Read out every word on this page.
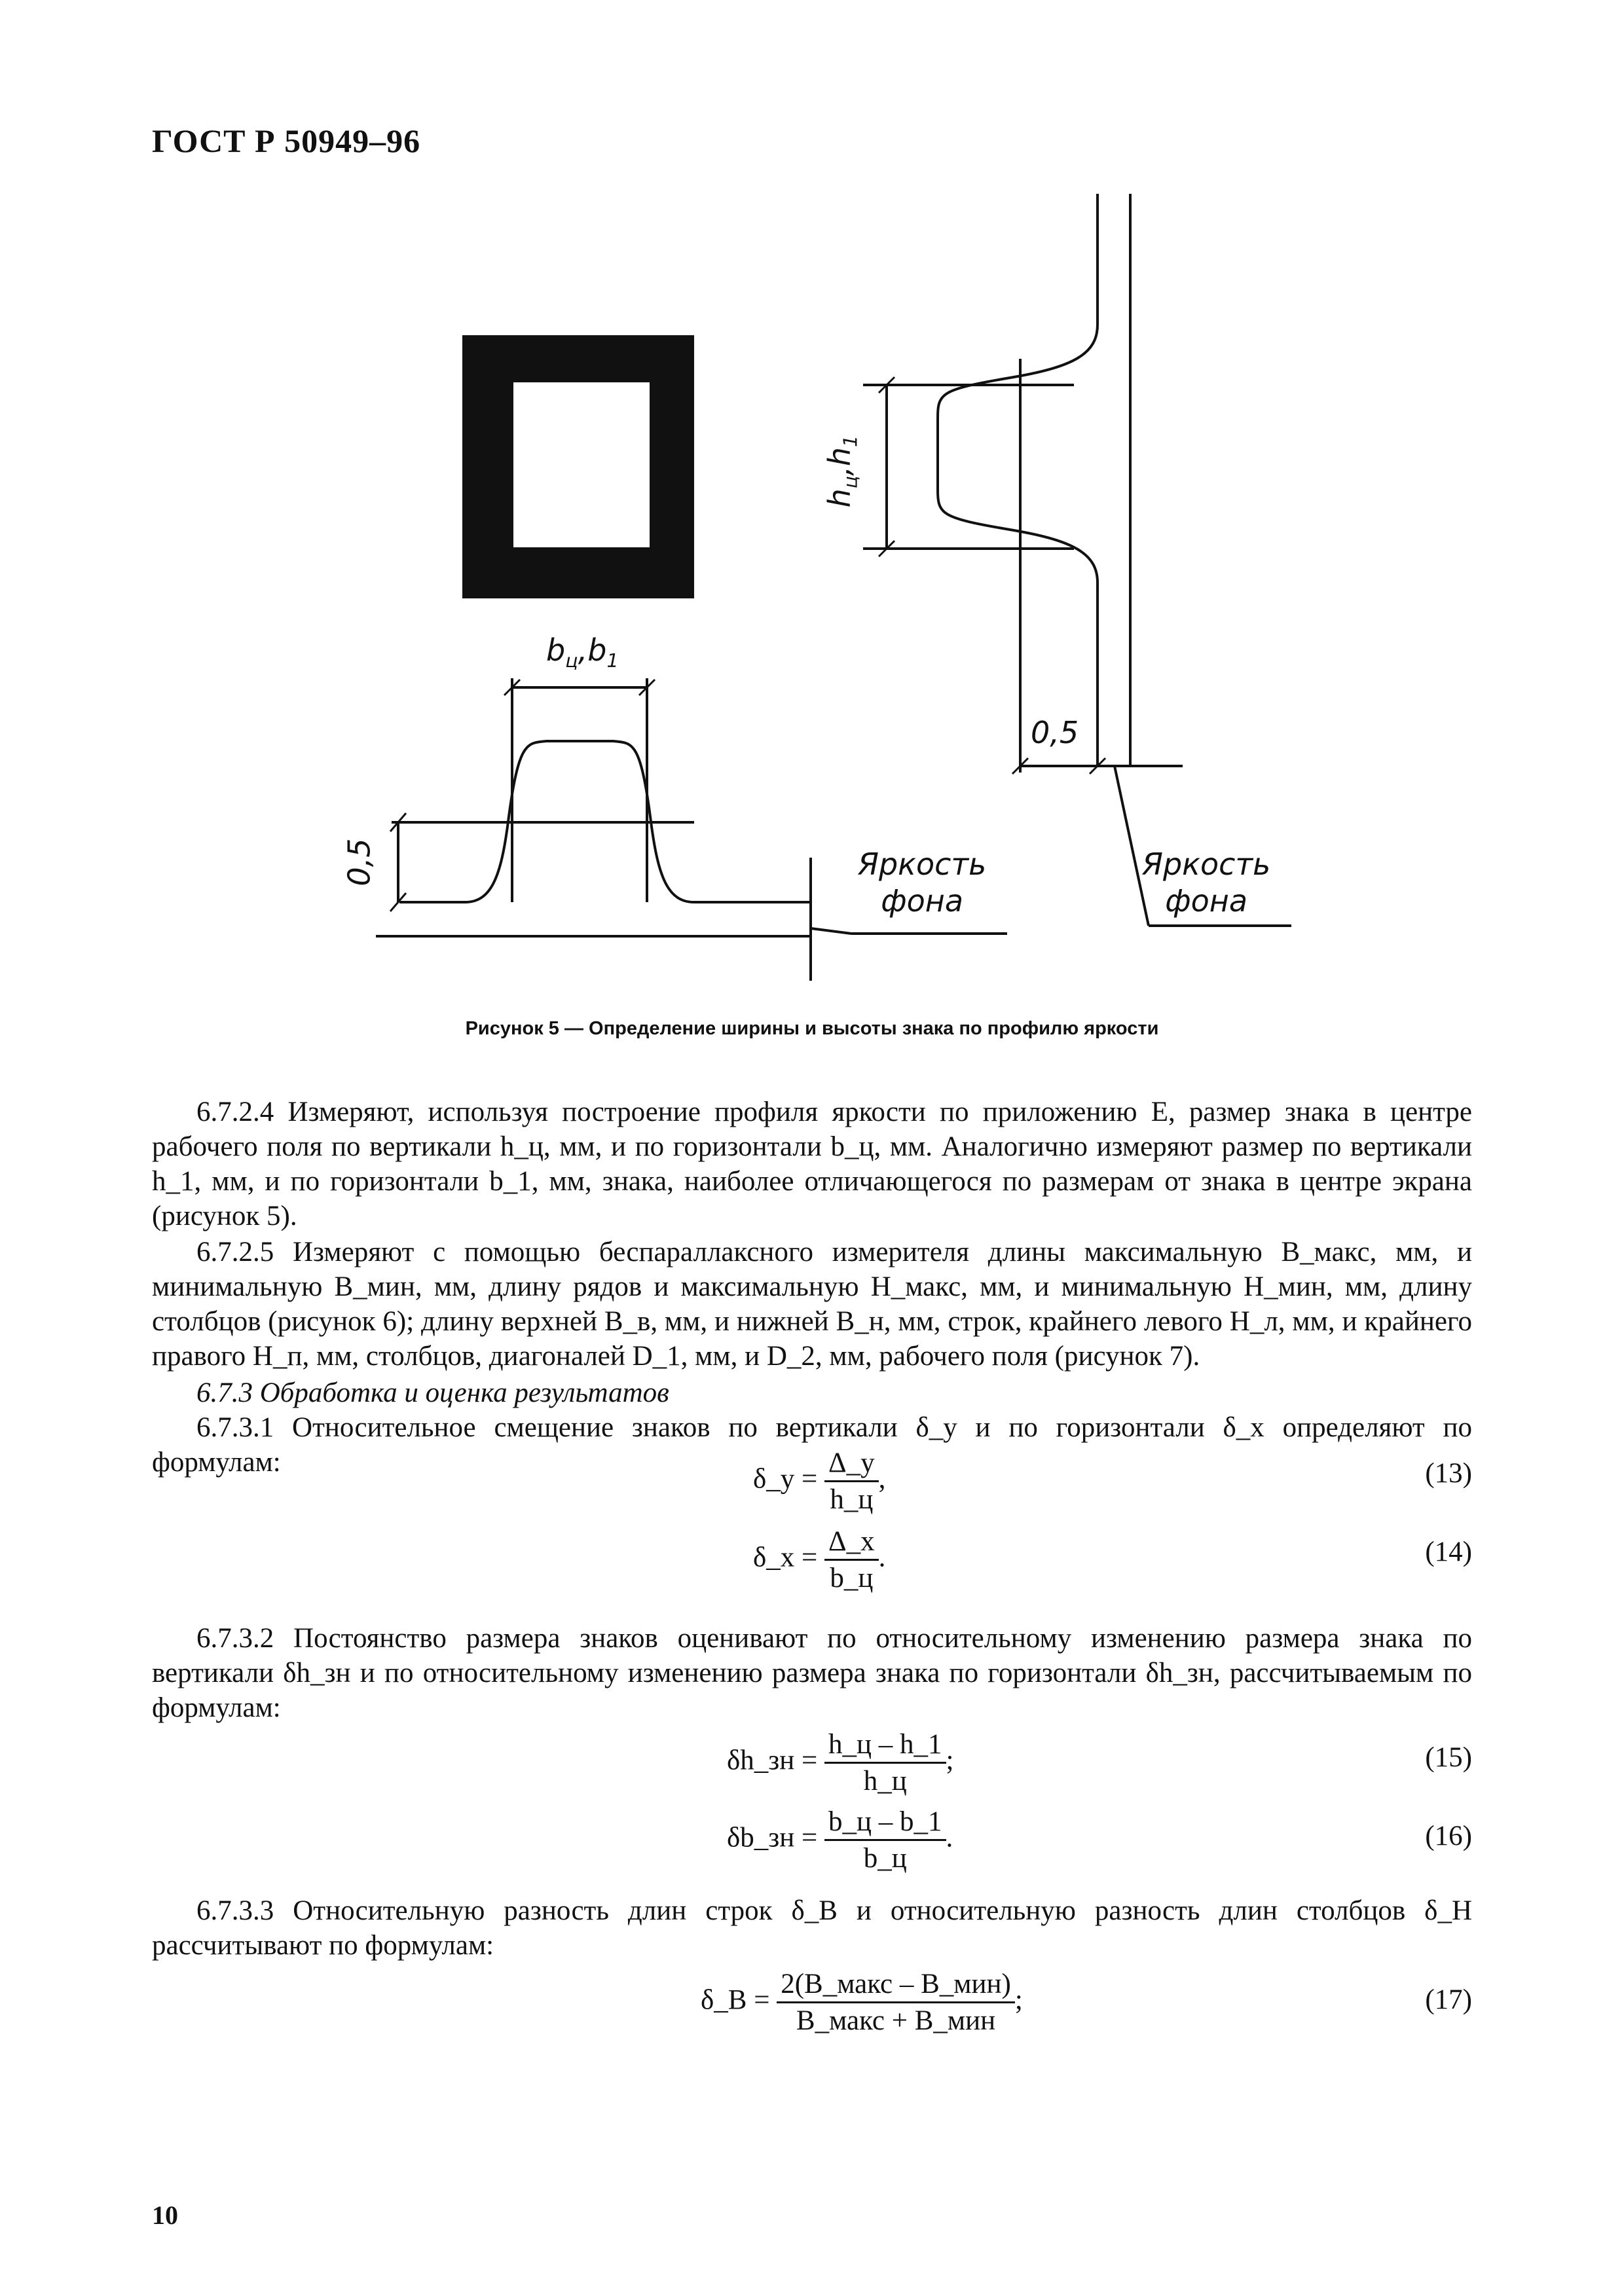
ГОСТ Р 50949–96
$b_ц,b_1$
$h_ц,h_1$
0,5
0,5
Яркость
фона
Яркость
фона
Рисунок 5 — Определение ширины и высоты знака по профилю яркости
6.7.2.4 Измеряют, используя построение профиля яркости по приложению Е, размер знака в центре рабочего поля по вертикали h_ц, мм, и по горизонтали b_ц, мм. Аналогично измеряют размер по вертикали h_1, мм, и по горизонтали b_1, мм, знака, наиболее отличающегося по размерам от знака в центре экрана (рисунок 5).
6.7.2.5 Измеряют с помощью беспараллаксного измерителя длины максимальную B_макс, мм, и минимальную B_мин, мм, длину рядов и максимальную H_макс, мм, и минимальную H_мин, мм, длину столбцов (рисунок 6); длину верхней B_в, мм, и нижней B_н, мм, строк, крайнего левого H_л, мм, и крайнего правого H_п, мм, столбцов, диагоналей D_1, мм, и D_2, мм, рабочего поля (рисунок 7).
6.7.3 Обработка и оценка результатов
6.7.3.1 Относительное смещение знаков по вертикали δ_y и по горизонтали δ_x определяют по формулам:
δ_y = $\frac{\Delta\_y}{h\_ц}$ ,	(13)
δ_x = $\frac{\Delta\_x}{b\_ц}$ .	(14)
6.7.3.2 Постоянство размера знаков оценивают по относительному изменению размера знака по вертикали δh_зн и по относительному изменению размера знака по горизонтали δh_зн, рассчитываемым по формулам:
δh_зн = $\frac{h\_ц - h\_1}{h\_ц}$ ;	(15)
δb_зн = $\frac{b\_ц - b\_1}{b\_ц}$ .	(16)
6.7.3.3 Относительную разность длин строк δ_B и относительную разность длин столбцов δ_H рассчитывают по формулам:
δ_B = $\frac{\text{2(B\_макс – B\_мин)}}{\text{B\_макс + B\_мин}}$ ;	(17)
10
